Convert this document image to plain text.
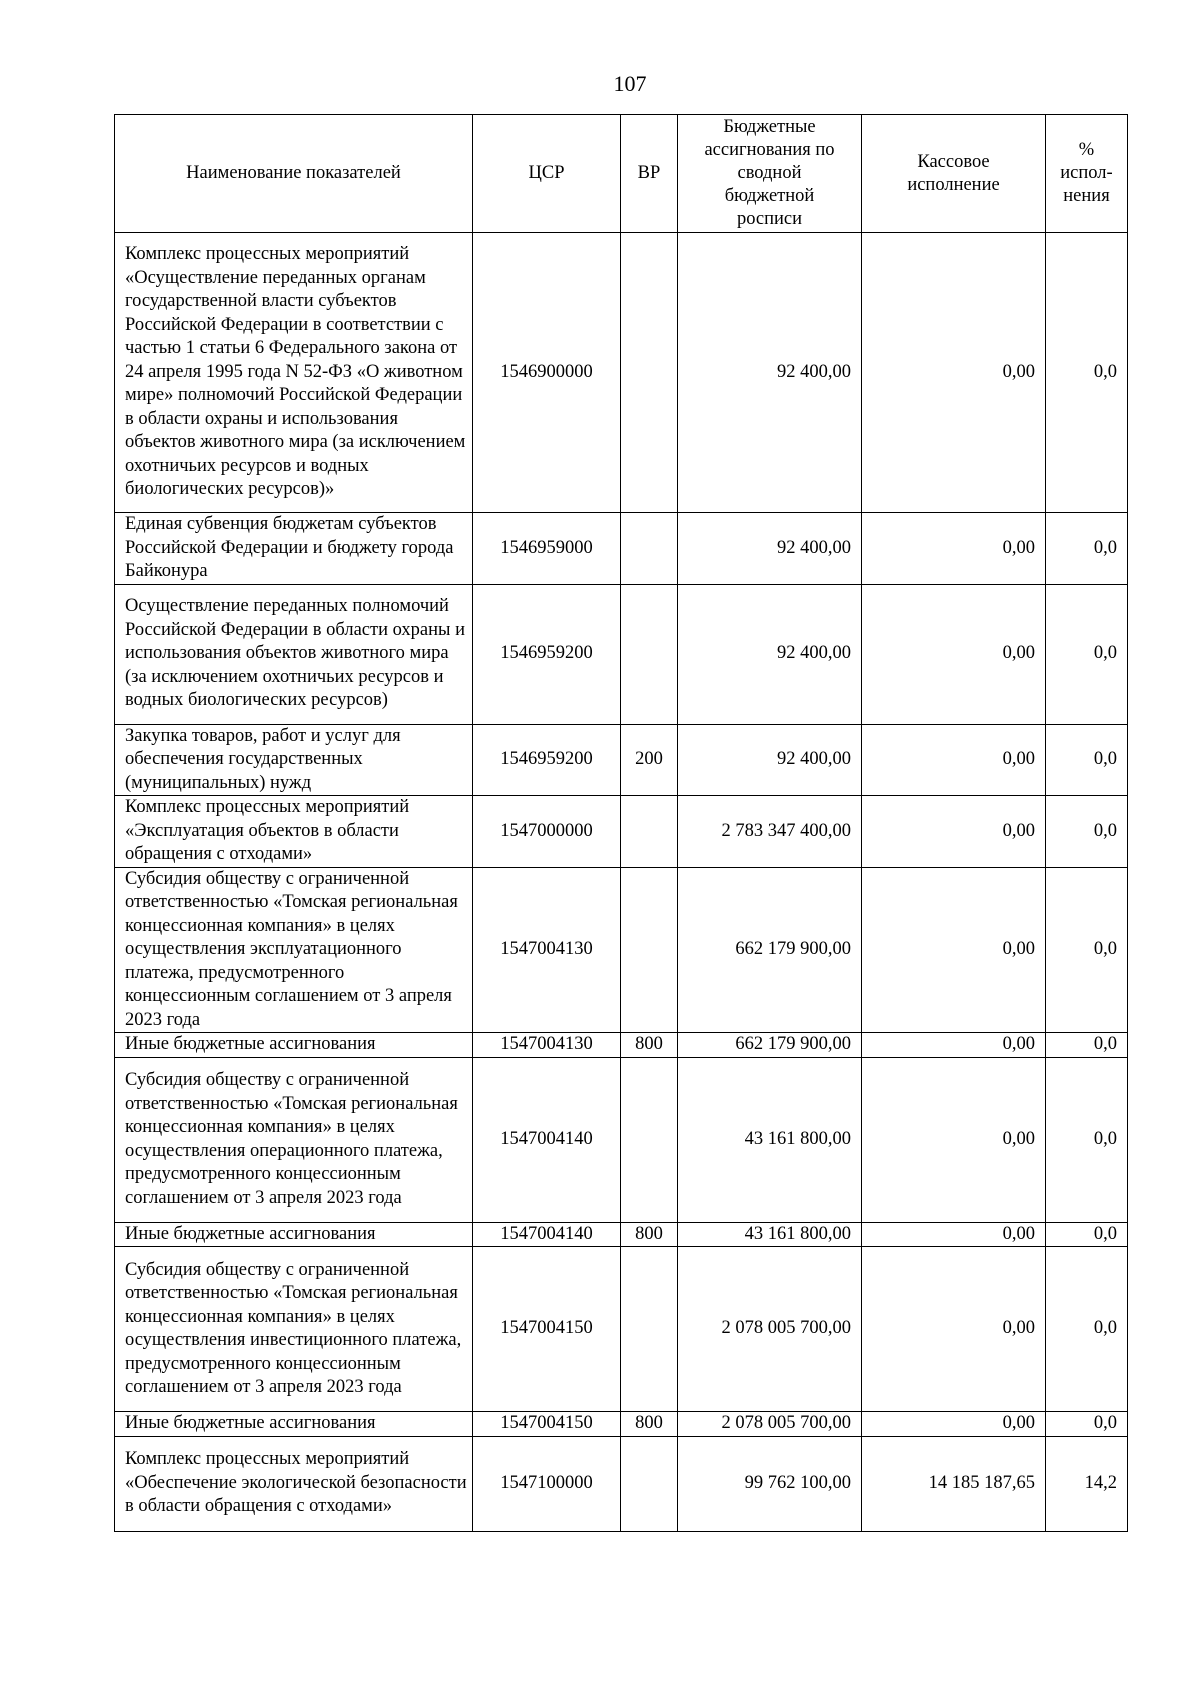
107
Наименование показателей	ЦСР	ВР	Бюджетные ассигнования по сводной бюджетной росписи	Кассовое исполнение	% испол-нения
Комплекс процессных мероприятий «Осуществление переданных органам государственной власти субъектов Российской Федерации в соответствии с частью 1 статьи 6 Федерального закона от 24 апреля 1995 года N 52-ФЗ «О животном мире» полномочий Российской Федерации в области охраны и использования объектов животного мира (за исключением охотничьих ресурсов и водных биологических ресурсов)»	1546900000		92 400,00	0,00	0,0
Единая субвенция бюджетам субъектов Российской Федерации и бюджету города Байконура	1546959000		92 400,00	0,00	0,0
Осуществление переданных полномочий Российской Федерации в области охраны и использования объектов животного мира (за исключением охотничьих ресурсов и водных биологических ресурсов)	1546959200		92 400,00	0,00	0,0
Закупка товаров, работ и услуг для обеспечения государственных (муниципальных) нужд	1546959200	200	92 400,00	0,00	0,0
Комплекс процессных мероприятий «Эксплуатация объектов в области обращения с отходами»	1547000000		2 783 347 400,00	0,00	0,0
Субсидия обществу с ограниченной ответственностью «Томская региональная концессионная компания» в целях осуществления эксплуатационного платежа, предусмотренного концессионным соглашением от 3 апреля 2023 года	1547004130		662 179 900,00	0,00	0,0
Иные бюджетные ассигнования	1547004130	800	662 179 900,00	0,00	0,0
Субсидия обществу с ограниченной ответственностью «Томская региональная концессионная компания» в целях осуществления операционного платежа, предусмотренного концессионным соглашением от 3 апреля 2023 года	1547004140		43 161 800,00	0,00	0,0
Иные бюджетные ассигнования	1547004140	800	43 161 800,00	0,00	0,0
Субсидия обществу с ограниченной ответственностью «Томская региональная концессионная компания» в целях осуществления инвестиционного платежа, предусмотренного концессионным соглашением от 3 апреля 2023 года	1547004150		2 078 005 700,00	0,00	0,0
Иные бюджетные ассигнования	1547004150	800	2 078 005 700,00	0,00	0,0
Комплекс процессных мероприятий «Обеспечение экологической безопасности в области обращения с отходами»	1547100000		99 762 100,00	14 185 187,65	14,2
